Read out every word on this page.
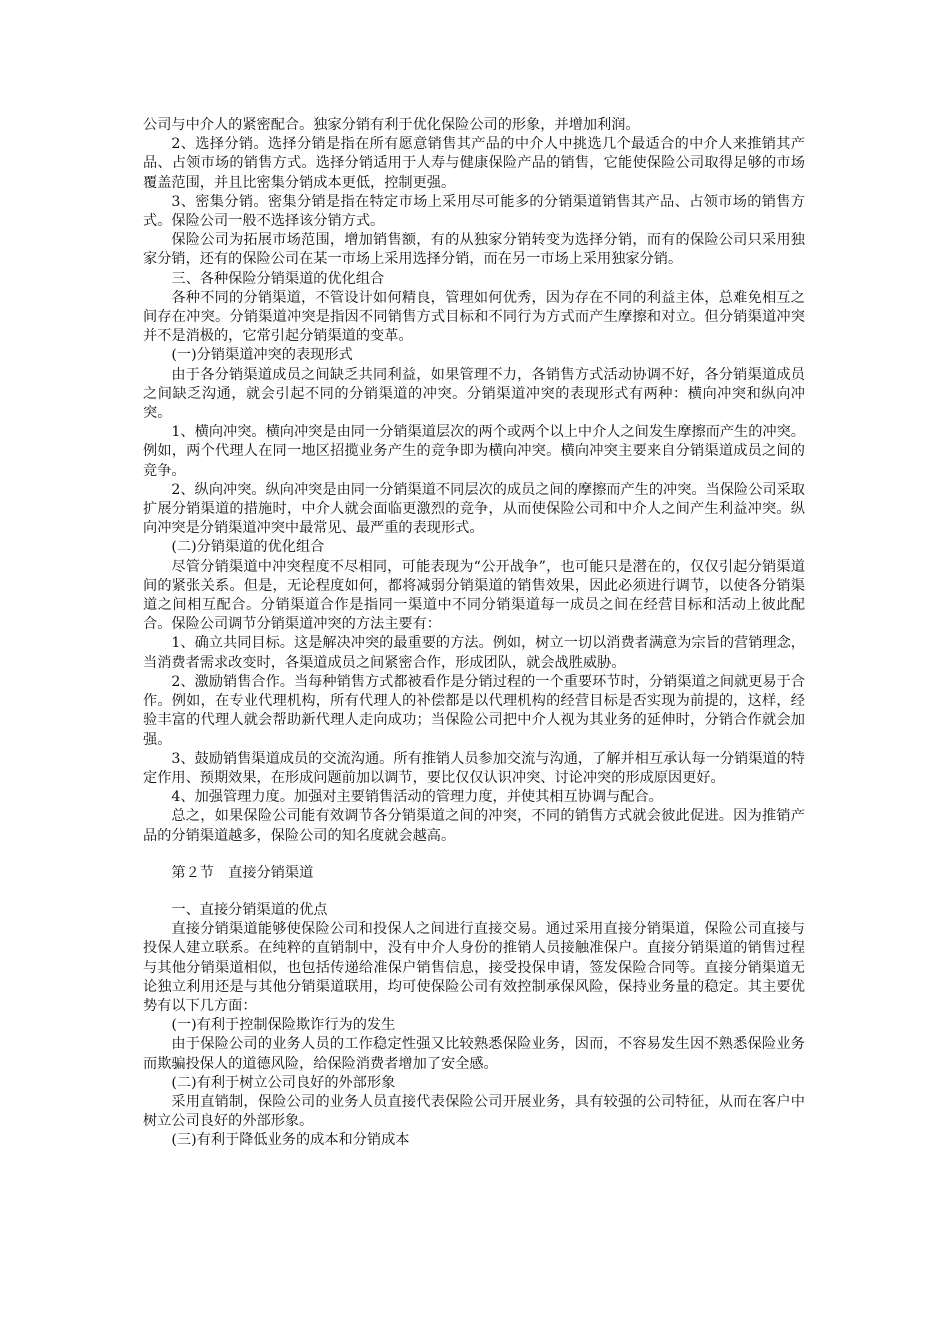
公司与中介人的紧密配合。独家分销有利于优化保险公司的形象，并增加利润。

2、选择分销。选择分销是指在所有愿意销售其产品的中介人中挑选几个最适合的中介人来推销其产品、占领市场的销售方式。选择分销适用于人寿与健康保险产品的销售，它能使保险公司取得足够的市场覆盖范围，并且比密集分销成本更低，控制更强。

3、密集分销。密集分销是指在特定市场上采用尽可能多的分销渠道销售其产品、占领市场的销售方式。保险公司一般不选择该分销方式。

保险公司为拓展市场范围，增加销售额，有的从独家分销转变为选择分销，而有的保险公司只采用独家分销，还有的保险公司在某一市场上采用选择分销，而在另一市场上采用独家分销。

三、各种保险分销渠道的优化组合

各种不同的分销渠道，不管设计如何精良，管理如何优秀，因为存在不同的利益主体，总难免相互之间存在冲突。分销渠道冲突是指因不同销售方式目标和不同行为方式而产生摩擦和对立。但分销渠道冲突并不是消极的，它常引起分销渠道的变革。

(一)分销渠道冲突的表现形式

由于各分销渠道成员之间缺乏共同利益，如果管理不力，各销售方式活动协调不好，各分销渠道成员之间缺乏沟通，就会引起不同的分销渠道的冲突。分销渠道冲突的表现形式有两种：横向冲突和纵向冲突。

1、横向冲突。横向冲突是由同一分销渠道层次的两个或两个以上中介人之间发生摩擦而产生的冲突。例如，两个代理人在同一地区招揽业务产生的竞争即为横向冲突。横向冲突主要来自分销渠道成员之间的竞争。

2、纵向冲突。纵向冲突是由同一分销渠道不同层次的成员之间的摩擦而产生的冲突。当保险公司采取扩展分销渠道的措施时，中介人就会面临更激烈的竞争，从而使保险公司和中介人之间产生利益冲突。纵向冲突是分销渠道冲突中最常见、最严重的表现形式。

(二)分销渠道的优化组合

尽管分销渠道中冲突程度不尽相同，可能表现为“公开战争”，也可能只是潜在的，仅仅引起分销渠道间的紧张关系。但是，无论程度如何，都将减弱分销渠道的销售效果，因此必须进行调节，以使各分销渠道之间相互配合。分销渠道合作是指同一渠道中不同分销渠道每一成员之间在经营目标和活动上彼此配合。保险公司调节分销渠道冲突的方法主要有：

1、确立共同目标。这是解决冲突的最重要的方法。例如，树立一切以消费者满意为宗旨的营销理念，当消费者需求改变时，各渠道成员之间紧密合作，形成团队，就会战胜威胁。

2、激励销售合作。当每种销售方式都被看作是分销过程的一个重要环节时，分销渠道之间就更易于合作。例如，在专业代理机构，所有代理人的补偿都是以代理机构的经营目标是否实现为前提的，这样，经验丰富的代理人就会帮助新代理人走向成功；当保险公司把中介人视为其业务的延伸时，分销合作就会加强。

3、鼓励销售渠道成员的交流沟通。所有推销人员参加交流与沟通，了解并相互承认每一分销渠道的特定作用、预期效果，在形成问题前加以调节，要比仅仅认识冲突、讨论冲突的形成原因更好。

4、加强管理力度。加强对主要销售活动的管理力度，并使其相互协调与配合。

总之，如果保险公司能有效调节各分销渠道之间的冲突，不同的销售方式就会彼此促进。因为推销产品的分销渠道越多，保险公司的知名度就会越高。

第２节　直接分销渠道

一、直接分销渠道的优点

直接分销渠道能够使保险公司和投保人之间进行直接交易。通过采用直接分销渠道，保险公司直接与投保人建立联系。在纯粹的直销制中，没有中介人身份的推销人员接触准保户。直接分销渠道的销售过程与其他分销渠道相似，也包括传递给准保户销售信息，接受投保申请，签发保险合同等。直接分销渠道无论独立利用还是与其他分销渠道联用，均可使保险公司有效控制承保风险，保持业务量的稳定。其主要优势有以下几方面：

(一)有利于控制保险欺诈行为的发生

由于保险公司的业务人员的工作稳定性强又比较熟悉保险业务，因而，不容易发生因不熟悉保险业务而欺骗投保人的道德风险，给保险消费者增加了安全感。

(二)有利于树立公司良好的外部形象

采用直销制，保险公司的业务人员直接代表保险公司开展业务，具有较强的公司特征，从而在客户中树立公司良好的外部形象。

(三)有利于降低业务的成本和分销成本
